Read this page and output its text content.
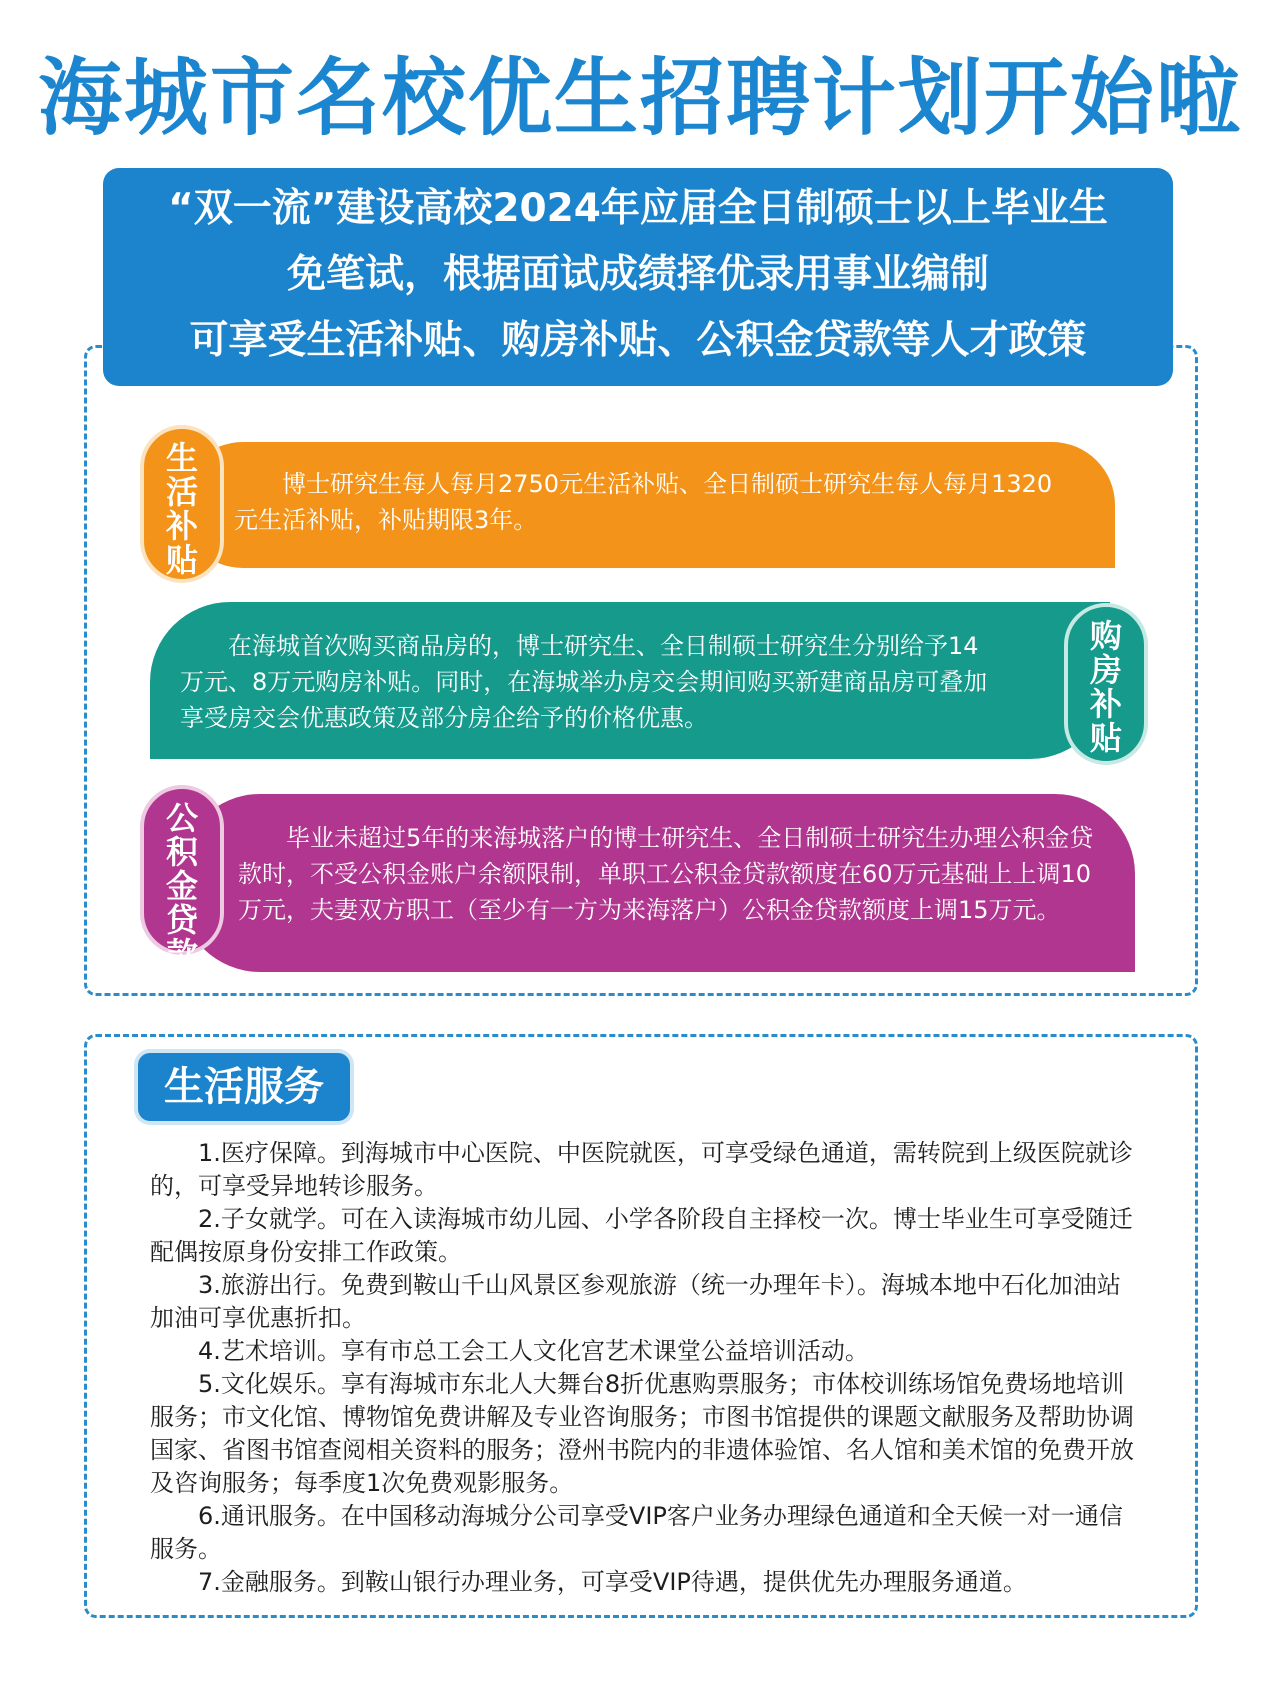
海城市名校优生招聘计划开始啦
“双一流”建设高校2024年应届全日制硕士以上毕业生
免笔试，根据面试成绩择优录用事业编制
可享受生活补贴、购房补贴、公积金贷款等人才政策

博士研究生每人每月2750元生活补贴、全日制硕士研究生每人每月1320元生活补贴，补贴期限3年。

生
活
补
贴

在海城首次购买商品房的，博士研究生、全日制硕士研究生分别给予14万元、8万元购房补贴。同时，在海城举办房交会期间购买新建商品房可叠加享受房交会优惠政策及部分房企给予的价格优惠。

购
房
补
贴

毕业未超过5年的来海城落户的博士研究生、全日制硕士研究生办理公积金贷款时，不受公积金账户余额限制，单职工公积金贷款额度在60万元基础上上调10万元，夫妻双方职工（至少有一方为来海落户）公积金贷款额度上调15万元。

公
积
金
贷
款
生活服务

1.医疗保障。到海城市中心医院、中医院就医，可享受绿色通道，需转院到上级医院就诊的，可享受异地转诊服务。

2.子女就学。可在入读海城市幼儿园、小学各阶段自主择校一次。博士毕业生可享受随迁配偶按原身份安排工作政策。

3.旅游出行。免费到鞍山千山风景区参观旅游（统一办理年卡）。海城本地中石化加油站加油可享优惠折扣。

4.艺术培训。享有市总工会工人文化宫艺术课堂公益培训活动。

5.文化娱乐。享有海城市东北人大舞台8折优惠购票服务；市体校训练场馆免费场地培训服务；市文化馆、博物馆免费讲解及专业咨询服务；市图书馆提供的课题文献服务及帮助协调国家、省图书馆查阅相关资料的服务；澄州书院内的非遗体验馆、名人馆和美术馆的免费开放及咨询服务；每季度1次免费观影服务。

6.通讯服务。在中国移动海城分公司享受VIP客户业务办理绿色通道和全天候一对一通信服务。

7.金融服务。到鞍山银行办理业务，可享受VIP待遇，提供优先办理服务通道。
